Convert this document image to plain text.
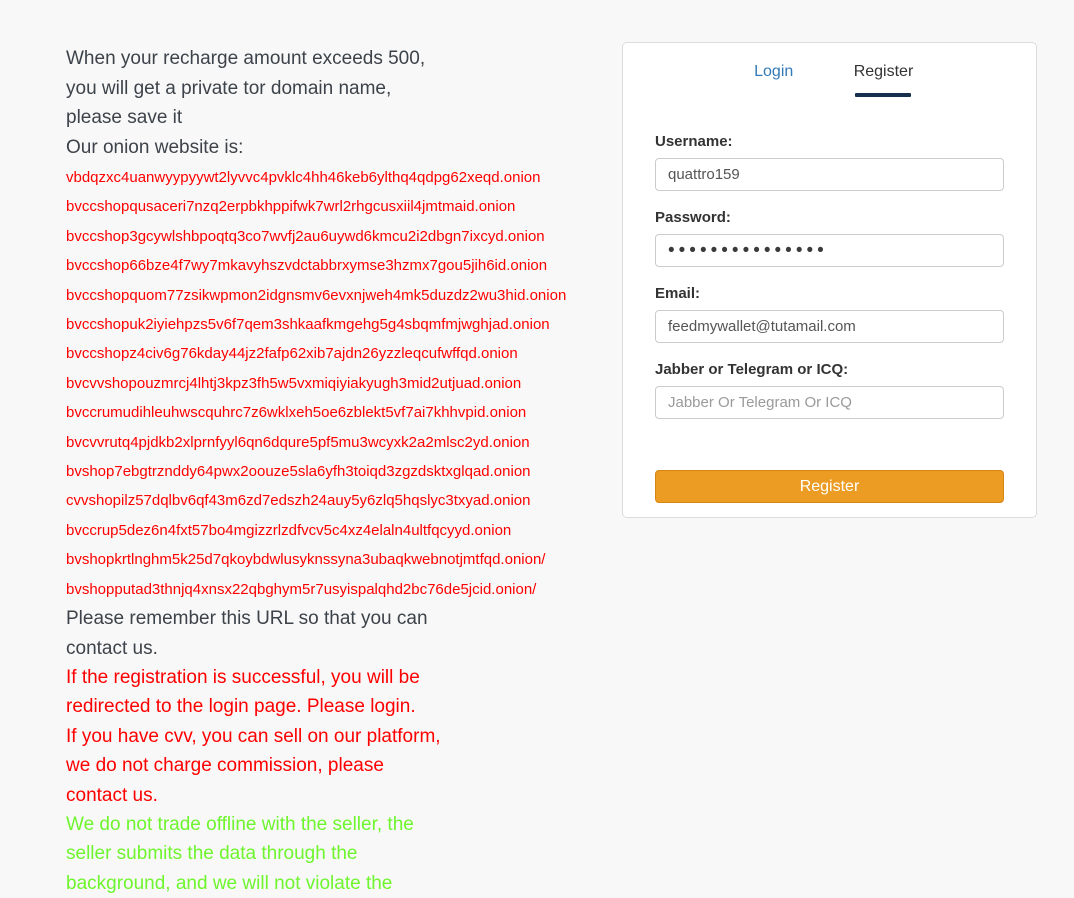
When your recharge amount exceeds 500,
you will get a private tor domain name,
please save it
Our onion website is:
vbdqzxc4uanwyypyywt2lyvvc4pvklc4hh46keb6ylthq4qdpg62xeqd.onion
bvccshopqusaceri7nzq2erpbkhppifwk7wrl2rhgcusxiil4jmtmaid.onion
bvccshop3gcywlshbpoqtq3co7wvfj2au6uywd6kmcu2i2dbgn7ixcyd.onion
bvccshop66bze4f7wy7mkavyhszvdctabbrxymse3hzmx7gou5jih6id.onion
bvccshopquom77zsikwpmon2idgnsmv6evxnjweh4mk5duzdz2wu3hid.onion
bvccshopuk2iyiehpzs5v6f7qem3shkaafkmgehg5g4sbqmfmjwghjad.onion
bvccshopz4civ6g76kday44jz2fafp62xib7ajdn26yzzleqcufwffqd.onion
bvcvvshopouzmrcj4lhtj3kpz3fh5w5vxmiqiyiakyugh3mid2utjuad.onion
bvccrumudihleuhwscquhrc7z6wklxeh5oe6zblekt5vf7ai7khhvpid.onion
bvcvvrutq4pjdkb2xlprnfyyl6qn6dqure5pf5mu3wcyxk2a2mlsc2yd.onion
bvshop7ebgtrznddy64pwx2oouze5sla6yfh3toiqd3zgzdsktxglqad.onion
cvvshopilz57dqlbv6qf43m6zd7edszh24auy5y6zlq5hqslyc3txyad.onion
bvccrup5dez6n4fxt57bo4mgizzrlzdfvcv5c4xz4elaln4ultfqcyyd.onion
bvshopkrtlnghm5k25d7qkoybdwlusyknssyna3ubaqkwebnotjmtfqd.onion/
bvshopputad3thnjq4xnsx22qbghym5r7usyispalqhd2bc76de5jcid.onion/
Please remember this URL so that you can
contact us.
If the registration is successful, you will be
redirected to the login page. Please login.
If you have cvv, you can sell on our platform,
we do not charge commission, please
contact us.
We do not trade offline with the seller, the
seller submits the data through the
background, and we will not violate the
Login	Register
Username:
quattro159
Password:
•••••••••••••••
Email:
feedmywallet@tutamail.com
Jabber or Telegram or ICQ:
Jabber Or Telegram Or ICQ
Register
